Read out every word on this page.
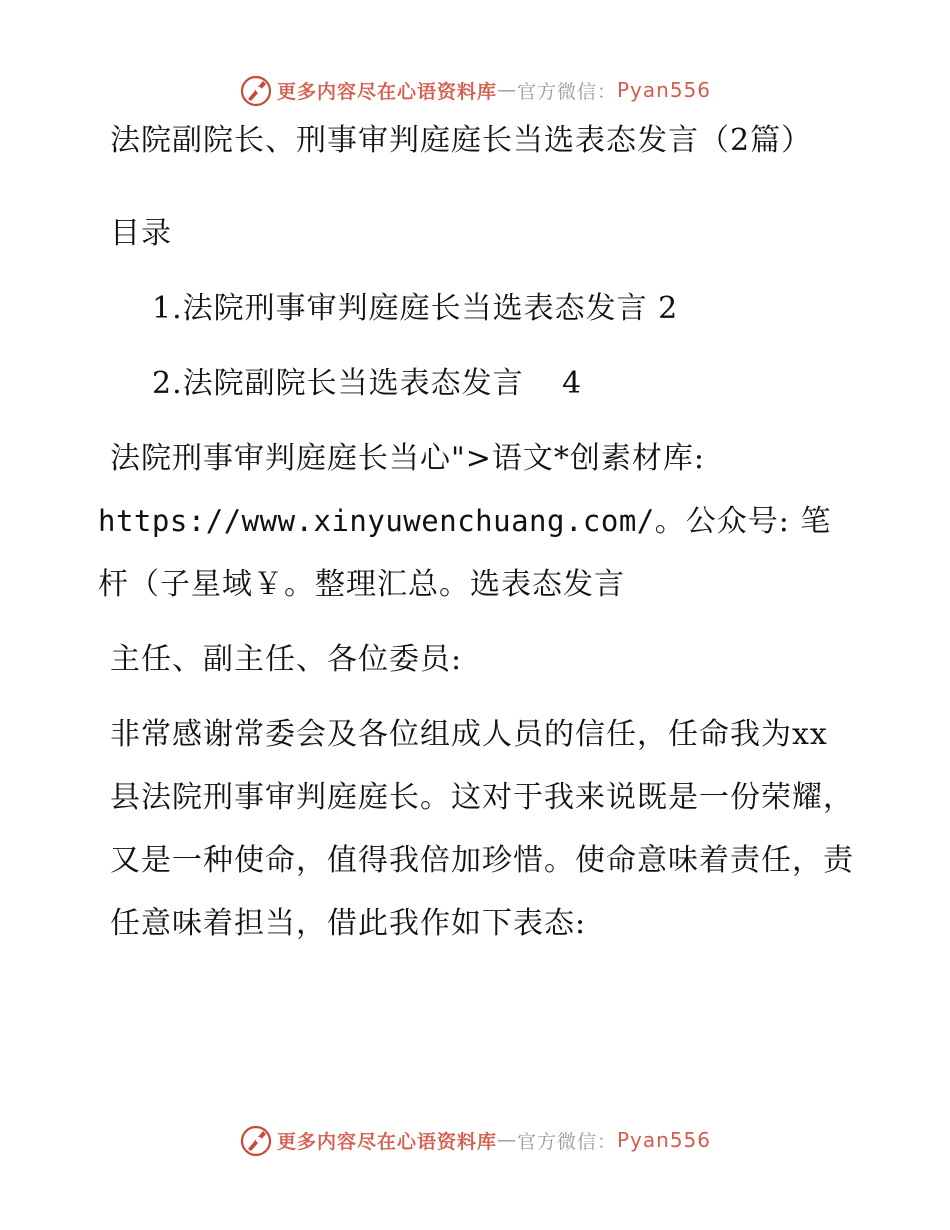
更多内容尽在心语资料库 — 官方微信： Pyan556

法院副院长、刑事审判庭庭长当选表态发言（2篇）

目录

1.法院刑事审判庭庭长当选表态发言 2

2.法院副院长当选表态发言 4

法院刑事审判庭庭长当心">语文*创素材库:

https://www.xinyuwenchuang.com/。公众号: 笔

杆（子星域￥。整理汇总。选表态发言

主任、副主任、各位委员:

非常感谢常委会及各位组成人员的信任，任命我为xx县法院刑事审判庭庭长。这对于我来说既是一份荣耀，又是一种使命，值得我倍加珍惜。使命意味着责任，责任意味着担当，借此我作如下表态:

更多内容尽在心语资料库 — 官方微信： Pyan556
